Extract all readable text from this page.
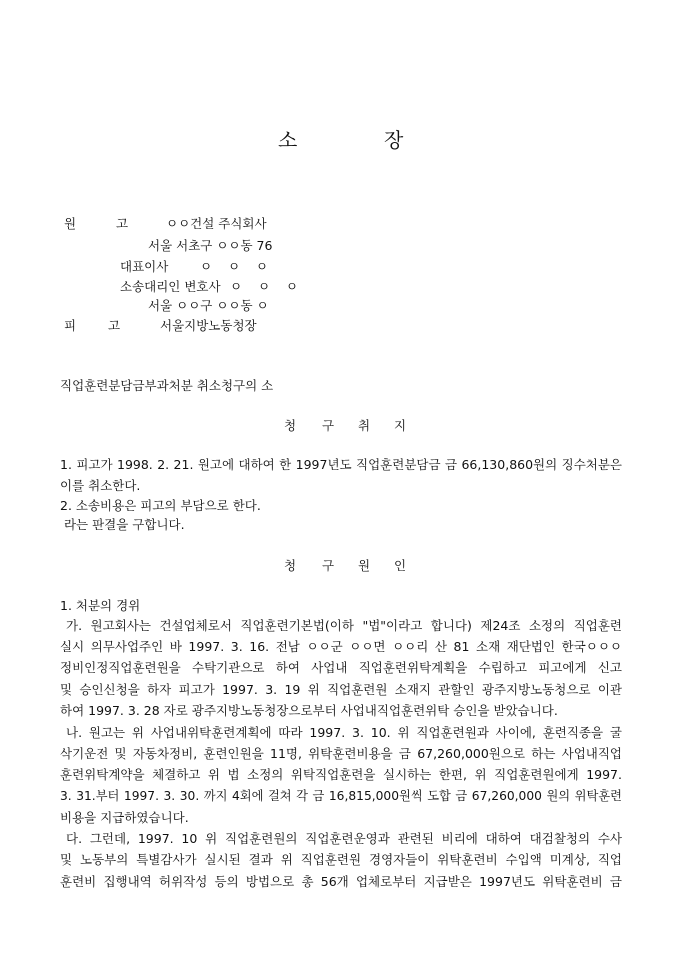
소	장
원	고	ㅇㅇ건설 주식회사
서울 서초구 ㅇㅇ동 76
대표이사	ㅇ    ㅇ    ㅇ
소송대리인 변호사 ㅇ    ㅇ    ㅇ
서울 ㅇㅇ구 ㅇㅇ동 ㅇ
피	고	서울지방노동청장
직업훈련분담금부과처분 취소청구의 소
청 구 취 지
1. 피고가 1998. 2. 21. 원고에 대하여 한 1997년도 직업훈련분담금 금 66,130,860원의 징수처분은
이를 취소한다.
2. 소송비용은 피고의 부담으로 한다.
라는 판결을 구합니다.
청 구 원 인
1. 처분의 경위
가. 원고회사는 건설업체로서 직업훈련기본법(이하 "법"이라고 합니다) 제24조 소정의 직업훈련
실시 의무사업주인 바 1997. 3. 16. 전남 ㅇㅇ군 ㅇㅇ면 ㅇㅇ리 산 81 소재 재단법인 한국ㅇㅇㅇ
정비인정직업훈련원을 수탁기관으로 하여 사업내 직업훈련위탁계획을 수립하고 피고에게 신고
및 승인신청을 하자 피고가 1997. 3. 19 위 직업훈련원 소재지 관할인 광주지방노동청으로 이관
하여 1997. 3. 28 자로 광주지방노동청장으로부터 사업내직업훈련위탁 승인을 받았습니다.
나. 원고는 위 사업내위탁훈련계획에 따라 1997. 3. 10. 위 직업훈련원과 사이에, 훈련직종을 굴
삭기운전 및 자동차정비, 훈련인원을 11명, 위탁훈련비용을 금 67,260,000원으로 하는 사업내직업
훈련위탁계약을 체결하고 위 법 소정의 위탁직업훈련을 실시하는 한편, 위 직업훈련원에게 1997.
3. 31.부터 1997. 3. 30. 까지 4회에 걸쳐 각 금 16,815,000원씩 도합 금 67,260,000 원의 위탁훈련
비용을 지급하였습니다.
다. 그런데, 1997. 10 위 직업훈련원의 직업훈련운영과 관련된 비리에 대하여 대검찰청의 수사
및 노동부의 특별감사가 실시된 결과 위 직업훈련원 경영자들이 위탁훈련비 수입액 미계상, 직업
훈련비 집행내역 허위작성 등의 방법으로 총 56개 업체로부터 지급받은 1997년도 위탁훈련비 금
